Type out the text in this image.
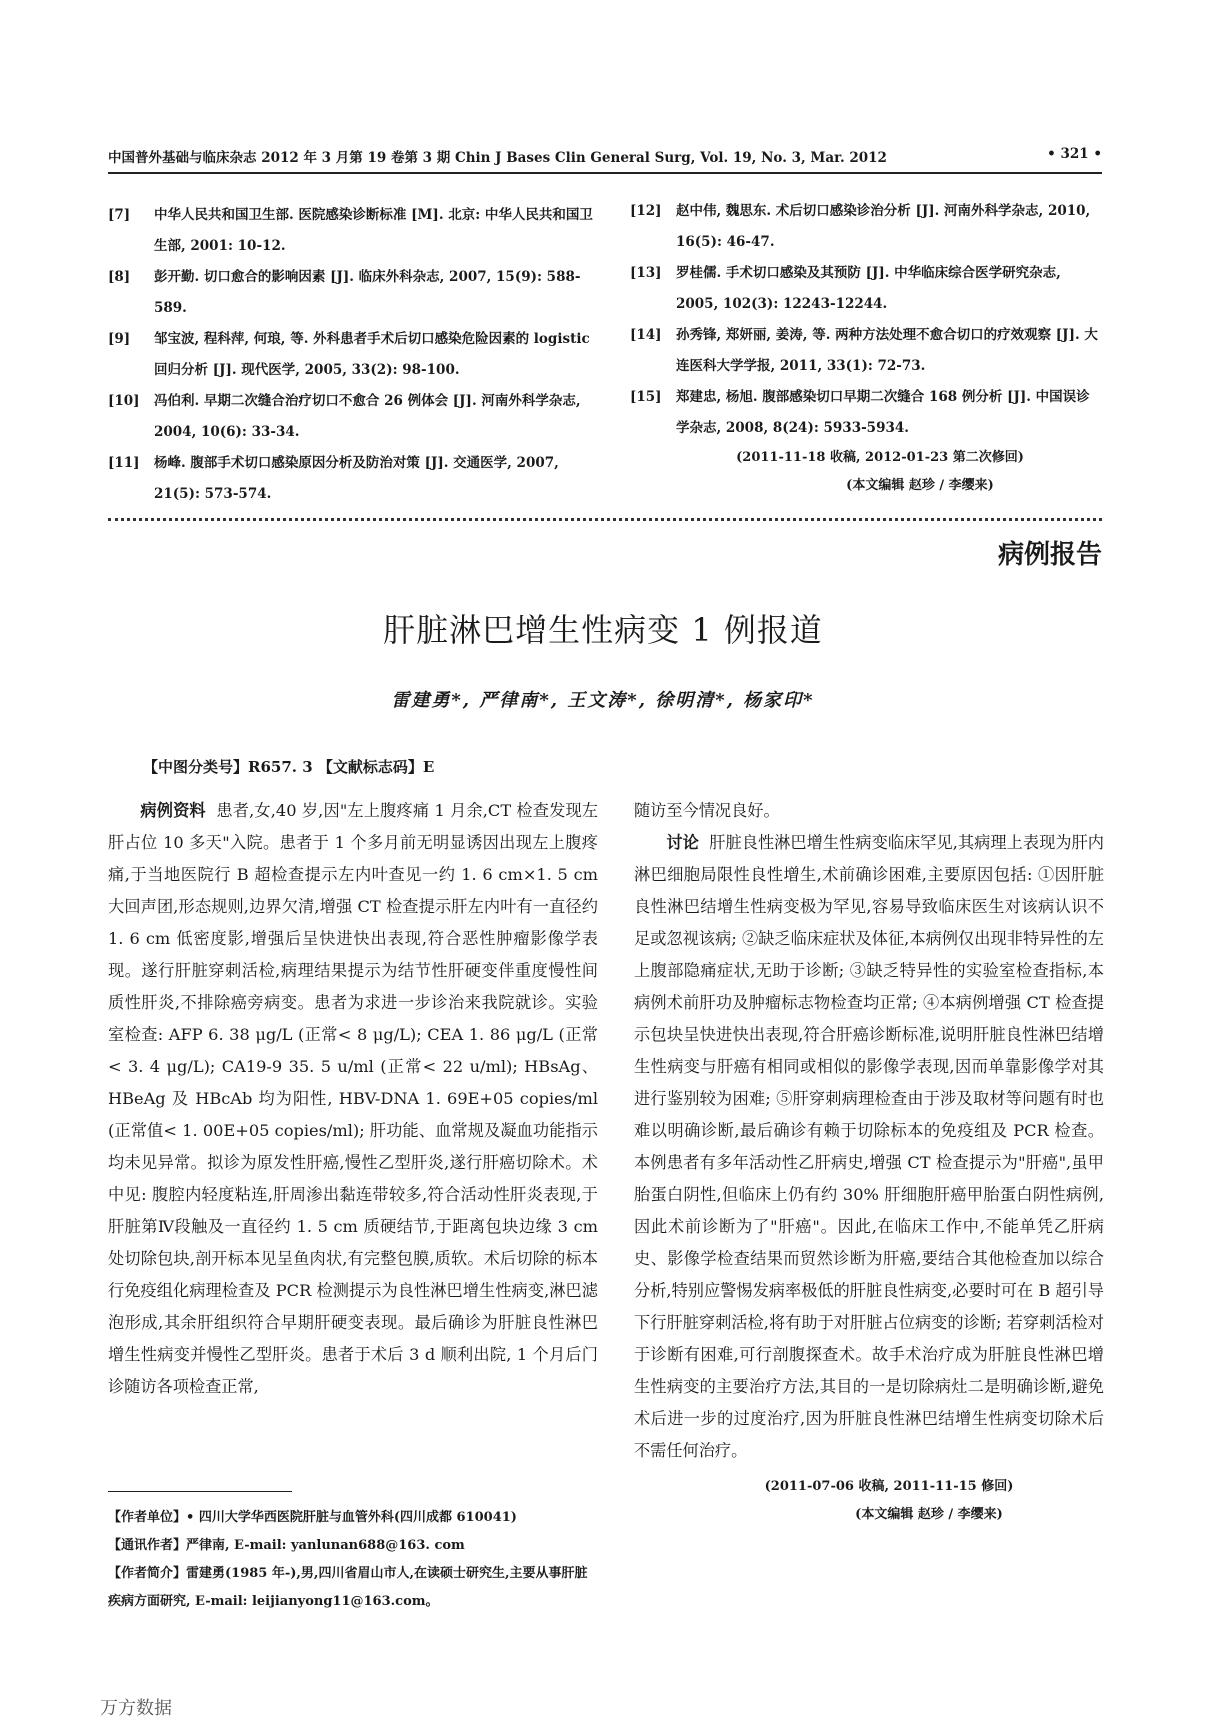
中国普外基础与临床杂志 2012 年 3 月第 19 卷第 3 期 Chin J Bases Clin General Surg, Vol. 19, No. 3, Mar. 2012	• 321 •
[7]	中华人民共和国卫生部. 医院感染诊断标准 [M]. 北京: 中华人民共和国卫生部, 2001: 10-12.
[8]	彭开勤. 切口愈合的影响因素 [J]. 临床外科杂志, 2007, 15(9): 588-589.
[9]	邹宝波, 程科萍, 何琅, 等. 外科患者手术后切口感染危险因素的 logistic 回归分析 [J]. 现代医学, 2005, 33(2): 98-100.
[10]	冯伯利. 早期二次缝合治疗切口不愈合 26 例体会 [J]. 河南外科学杂志, 2004, 10(6): 33-34.
[11]	杨峰. 腹部手术切口感染原因分析及防治对策 [J]. 交通医学, 2007, 21(5): 573-574.
[12]	赵中伟, 魏思东. 术后切口感染诊治分析 [J]. 河南外科学杂志, 2010, 16(5): 46-47.
[13]	罗桂儒. 手术切口感染及其预防 [J]. 中华临床综合医学研究杂志, 2005, 102(3): 12243-12244.
[14]	孙秀锋, 郑妍丽, 姜涛, 等. 两种方法处理不愈合切口的疗效观察 [J]. 大连医科大学学报, 2011, 33(1): 72-73.
[15]	郑建忠, 杨旭. 腹部感染切口早期二次缝合 168 例分析 [J]. 中国误诊学杂志, 2008, 8(24): 5933-5934.
(2011-11-18 收稿, 2012-01-23 第二次修回)
(本文编辑 赵珍 / 李缨来)
病例报告
肝脏淋巴增生性病变 1 例报道
雷建勇*, 严律南*, 王文涛*, 徐明清*, 杨家印*
【中图分类号】R657. 3 【文献标志码】E

病例资料 患者,女,40 岁,因"左上腹疼痛 1 月余,CT 检查发现左肝占位 10 多天"入院。患者于 1 个多月前无明显诱因出现左上腹疼痛,于当地医院行 B 超检查提示左内叶查见一约 1. 6 cm×1. 5 cm 大回声团,形态规则,边界欠清,增强 CT 检查提示肝左内叶有一直径约 1. 6 cm 低密度影,增强后呈快进快出表现,符合恶性肿瘤影像学表现。遂行肝脏穿刺活检,病理结果提示为结节性肝硬变伴重度慢性间质性肝炎,不排除癌旁病变。患者为求进一步诊治来我院就诊。实验室检查: AFP 6. 38 μg/L (正常< 8 μg/L); CEA 1. 86 μg/L (正常< 3. 4 μg/L); CA19-9 35. 5 u/ml (正常< 22 u/ml); HBsAg、HBeAg 及 HBcAb 均为阳性, HBV-DNA 1. 69E+05 copies/ml (正常值< 1. 00E+05 copies/ml); 肝功能、血常规及凝血功能指示均未见异常。拟诊为原发性肝癌,慢性乙型肝炎,遂行肝癌切除术。术中见: 腹腔内轻度粘连,肝周渗出黏连带较多,符合活动性肝炎表现,于肝脏第Ⅳ段触及一直径约 1. 5 cm 质硬结节,于距离包块边缘 3 cm 处切除包块,剖开标本见呈鱼肉状,有完整包膜,质软。术后切除的标本行免疫组化病理检查及 PCR 检测提示为良性淋巴增生性病变,淋巴滤泡形成,其余肝组织符合早期肝硬变表现。最后确诊为肝脏良性淋巴增生性病变并慢性乙型肝炎。患者于术后 3 d 顺利出院, 1 个月后门诊随访各项检查正常,

随访至今情况良好。

讨论 肝脏良性淋巴增生性病变临床罕见,其病理上表现为肝内淋巴细胞局限性良性增生,术前确诊困难,主要原因包括: ①因肝脏良性淋巴结增生性病变极为罕见,容易导致临床医生对该病认识不足或忽视该病; ②缺乏临床症状及体征,本病例仅出现非特异性的左上腹部隐痛症状,无助于诊断; ③缺乏特异性的实验室检查指标,本病例术前肝功及肿瘤标志物检查均正常; ④本病例增强 CT 检查提示包块呈快进快出表现,符合肝癌诊断标准,说明肝脏良性淋巴结增生性病变与肝癌有相同或相似的影像学表现,因而单靠影像学对其进行鉴别较为困难; ⑤肝穿刺病理检查由于涉及取材等问题有时也难以明确诊断,最后确诊有赖于切除标本的免疫组及 PCR 检查。本例患者有多年活动性乙肝病史,增强 CT 检查提示为"肝癌",虽甲胎蛋白阴性,但临床上仍有约 30% 肝细胞肝癌甲胎蛋白阴性病例,因此术前诊断为了"肝癌"。因此,在临床工作中,不能单凭乙肝病史、影像学检查结果而贸然诊断为肝癌,要结合其他检查加以综合分析,特别应警惕发病率极低的肝脏良性病变,必要时可在 B 超引导下行肝脏穿刺活检,将有助于对肝脏占位病变的诊断; 若穿刺活检对于诊断有困难,可行剖腹探查术。故手术治疗成为肝脏良性淋巴增生性病变的主要治疗方法,其目的一是切除病灶二是明确诊断,避免术后进一步的过度治疗,因为肝脏良性淋巴结增生性病变切除术后不需任何治疗。

(2011-07-06 收稿, 2011-11-15 修回)
(本文编辑 赵珍 / 李缨来)
【作者单位】• 四川大学华西医院肝脏与血管外科(四川成都 610041)
【通讯作者】严律南, E-mail: yanlunan688@163. com
【作者简介】雷建勇(1985 年-),男,四川省眉山市人,在读硕士研究生,主要从事肝脏疾病方面研究, E-mail: leijianyong11@163.com。
万方数据
